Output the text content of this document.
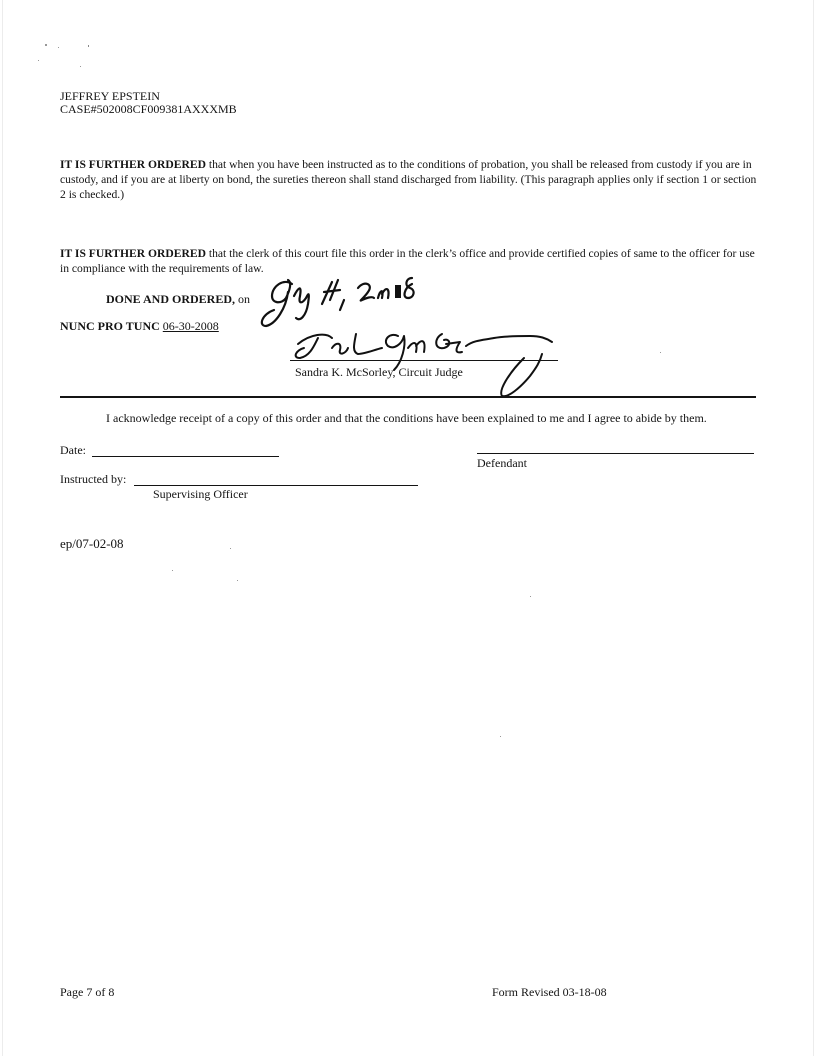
JEFFREY EPSTEIN
CASE#502008CF009381AXXXMB
IT IS FURTHER ORDERED that when you have been instructed as to the conditions of probation, you shall be released from custody if you are in custody, and if you are at liberty on bond, the sureties thereon shall stand discharged from liability. (This paragraph applies only if section 1 or section 2 is checked.)
IT IS FURTHER ORDERED that the clerk of this court file this order in the clerk’s office and provide certified copies of same to the officer for use in compliance with the requirements of law.
DONE AND ORDERED, on
NUNC PRO TUNC 06-30-2008
Sandra K. McSorley, Circuit Judge
I acknowledge receipt of a copy of this order and that the conditions have been explained to me and I agree to abide by them.
Date:
Defendant
Instructed by:
Supervising Officer
ep/07-02-08
Page 7 of 8	Form Revised 03-18-08
